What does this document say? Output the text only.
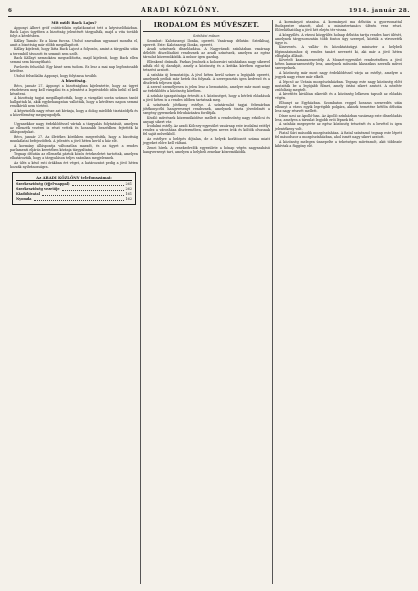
6	ARADI KÖZLÖNY.	1914. január 28.
Mit mült Back Lajos?

Apponyi Albert gróf csütörtökön nyilatkozatot tett a képviselőházban. Back Lajos ügyében a bizottság jelentését tárgyalták, majd a vita tovább folyt a kérdésben.

Kállay Tamás: Ez a lázas furcsa. Utolsó szavaiban ugyanazt mondta el, amit a bizottság már előbb megállapított.

Kállay kijelenti, hogy látta Back Lajost a folyosón, amint a tárgyalás után a teremből távozott és semmit sem szólt.

Back Kállayt nemsokára megszólította, majd kijelenti, hogy Back ellen semmi sem bizonyítható.

Pavlovits felszólal: Egy kissé nem tudom. Ez lesz a mai nap legfontosabb kérdése.

Utolsó felszólalás Apponyi, hogy folytassa tovább.

A bizottság.

Bécs, január 27. Apponyi a bizottságban kijelentette, hogy az ügyet részletesen meg kell vizsgálni és a jelentést a legrövidebb időn belül el kell készíteni.

A bizottság tagjai megállapították, hogy a vizsgálat során számos tanút hallgattak ki, akik egybehangzóan vallották, hogy a kérdéses napon semmi rendkívüli nem történt.

A képviselők nagy része azt kívánja, hogy a dolog mielőbb tisztázódjék és a közvélemény megnyugodjék.

Ugyanekkor nagy érdeklődéssel vártak a tárgyalás folytatását, amelyen az ellenzék vezérei is részt vettek és hosszabb beszédben fejtették ki álláspontjukat.

Bécs, január 27. Az illetékes körökben megerősítik, hogy a bizottság munkálatai befejeződtek. A jelentés a jövő héten kerül a ház elé.

A kormány álláspontja változatlan maradt, és az ügyet a rendes parlamenti eljárás keretében kívánja tárgyaltatni.

Tegnap délután az ellenzéki pártok közös értekezletet tartottak, amelyen elhatározták, hogy a tárgyaláson teljes számban megjelennek.

Az ülés a késő esti órákban ért véget, a határozatot pedig a jövő héten hozzák nyilvánosságra.

Az ARADI KÖZLÖNY telefonszámai:
Szerkesztőség (éjjel-nappal)	261
Szerkesztőség vezetője	262
Kiadóhivatal	161
Nyomda	162
IRODALOM ÉS MŰVÉSZET.
Színházi műsor.

Szombat: Kalotaszegi Ilonka, operett. Vasárnap délután: Sztriklisaj, operett. Este: Kalotaszegi Ilonka, operett.

Aradi színészek díszelőadása. A Nagyváradi színházban vasárnap délelőtt díszelőadást rendeznek az aradi színészek, amelyen az egész társulat közreműködik. A műsor igen gazdag.

Ellenkező drámák. Farkas Jenőnek a kolozsvári színházban nagy sikerrel adták elő új darabját, amely a közönség és a kritika körében egyaránt tetszést aratott.

A színház új bemutatója. A jövő héten kerül színre a legújabb operett, amelynek próbái már hetek óta folynak. A szereposztás igen kedvező és a díszletek teljesen újak.

A szerző személyesen is jelen lesz a bemutatón, amelyre már most nagy az érdeklődés a közönség körében.

A színház igazgatósága értesíti a t. közönséget, hogy a bérleti előadások a jövő héten is a rendes időben tartatnak meg.

A színészek jótékony estélye. A színtársulat tagjai februárban jótékonycélú hangversenyt rendeznek, amelynek tiszta jövedelmét a szegény gyermekek felruházására fordítják.

Kiváló művészek közreműködése mellett a rendezőség nagy erkölcsi és anyagi sikert vár.

Irodalmi estély. Az aradi Kölcsey-egyesület vasárnap este irodalmi estélyt rendez a városháza dísztermében, amelyen neves írók és költők olvasnak fel saját műveikből.

Az estélyre a belépés díjtalan, de a helyek korlátozott száma miatt jegyeket előre kell váltani.

Zenei hírek. A zenekedvelők egyesülete a hónap végén nagyszabású hangversenyt tart, amelyen a helybeli zenekar közreműködik.

A kormányzó utazása. A kormányzó ma délután a gyorsvonattal Budapestre utazott, ahol a minisztertanács ülésén vesz részt. Előreláthatólag a jövő hét elején tér vissza.

A közgyűlés. A városi közgyűlés holnap délután tartja rendes havi ülését, amelynek tárgysorozatán több fontos ügy szerepel, köztük a vízvezeték ügye is.

Kinevezés. A vallás- és közoktatásügyi miniszter a helybeli főgimnáziumhoz új rendes tanárt nevezett ki, aki már a jövő héten elfoglalja állását.

Követelt kamarazenestély. A Mozart-egyesület rendezésében a jövő héten kamarazenestély lesz, amelynek műsorán klasszikus szerzők művei szerepelnek.

A közönség már most nagy érdeklődéssel várja az estélyt, amelyre a jegyek nagy része már elkelt.

A lépcső az Uránia mozgószínházban. Tegnap este nagy közönség előtt mutatták be a legújabb filmet, amely óriási sikert aratott. A nézőtér zsúfolásig megtelt.

A kivetítés kiválóan sikerült és a közönség lelkesen tapsolt az előadás végén.

Elhunyt az Egyházban. Szombaton reggel hosszas szenvedés után elhunyt a város egyik legrégibb polgára, akinek temetése hétfőn délután lesz nagy részvét mellett.

Dísze uzsi az Apolló-ban. Az Apolló színházban vasárnap este díszelőadás lesz, amelyen a társulat legjobb erői lépnek fel.

A színház megnyerte az egész közönség tetszését és a bevétel is igen jelentékeny volt.

Fiatal Sári második mozgószínháza. A fiatal színésznő tegnap este lépett fel másodszor a mozgószínházban, ahol ismét nagy sikert aratott.

A közönség melegen ünnepelte a tehetséges művésznőt, akit többször kihívtak a függöny elé.
